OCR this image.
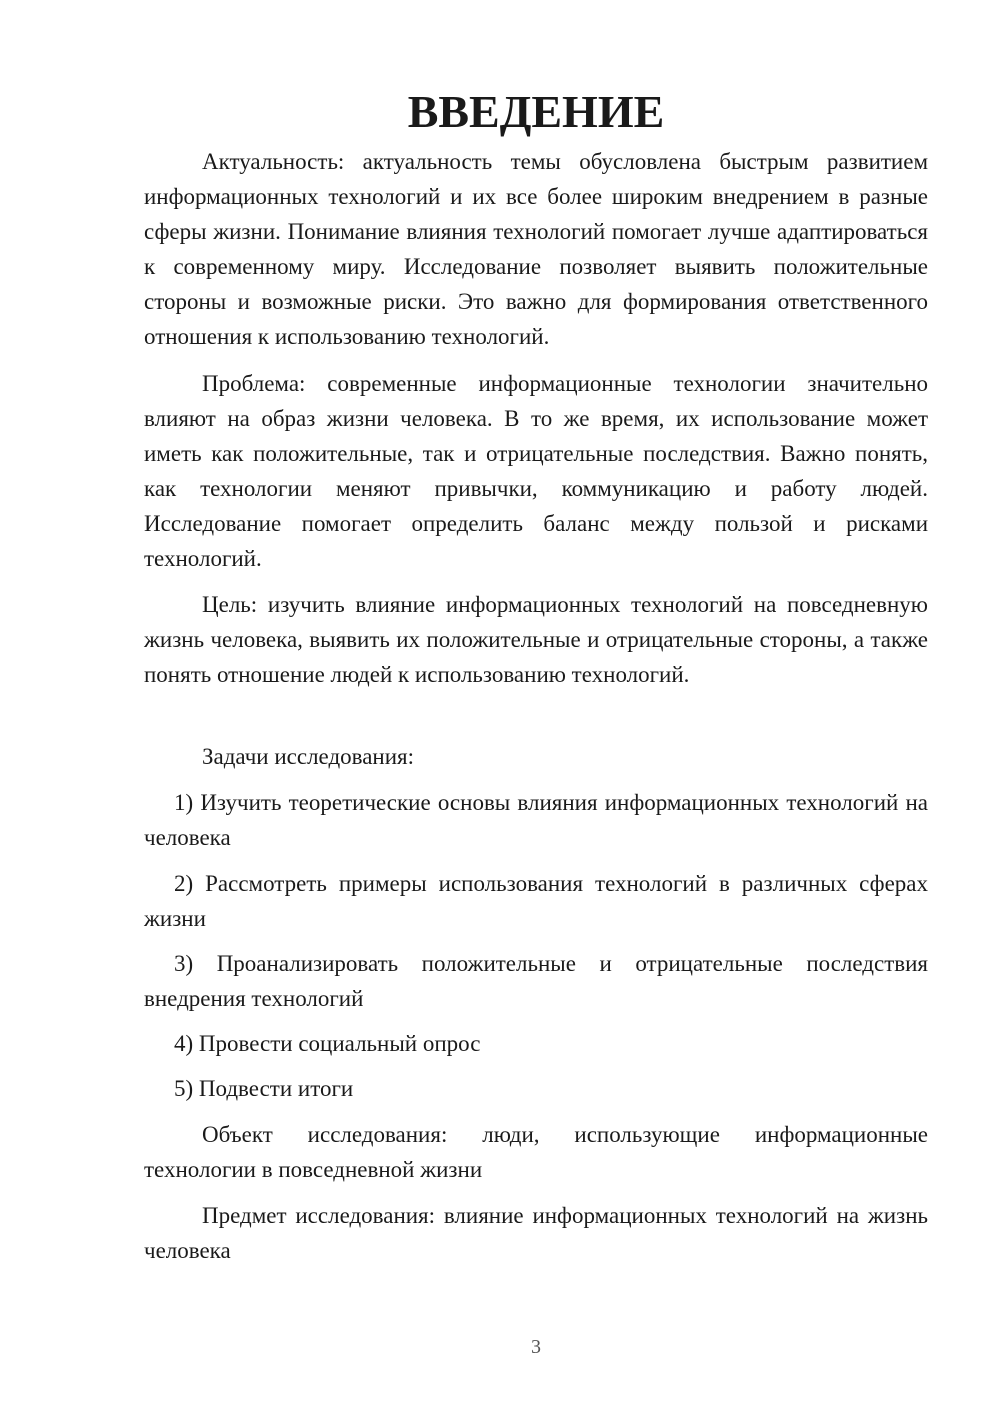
ВВЕДЕНИЕ

Актуальность: актуальность темы обусловлена быстрым развитием информационных технологий и их все более широким внедрением в разные сферы жизни. Понимание влияния технологий помогает лучше адаптироваться к современному миру. Исследование позволяет выявить положительные стороны и возможные риски. Это важно для формирования ответственного отношения к использованию технологий.

Проблема: современные информационные технологии значительно влияют на образ жизни человека. В то же время, их использование может иметь как положительные, так и отрицательные последствия. Важно понять, как технологии меняют привычки, коммуникацию и работу людей. Исследование помогает определить баланс между пользой и рисками технологий.

Цель: изучить влияние информационных технологий на повседневную жизнь человека, выявить их положительные и отрицательные стороны, а также понять отношение людей к использованию технологий.

Задачи исследования:

1) Изучить теоретические основы влияния информационных технологий на человека

2) Рассмотреть примеры использования технологий в различных сферах жизни

3) Проанализировать положительные и отрицательные последствия внедрения технологий

4) Провести социальный опрос

5) Подвести итоги

Объект исследования: люди, использующие информационные технологии в повседневной жизни

Предмет исследования: влияние информационных технологий на жизнь человека

3
